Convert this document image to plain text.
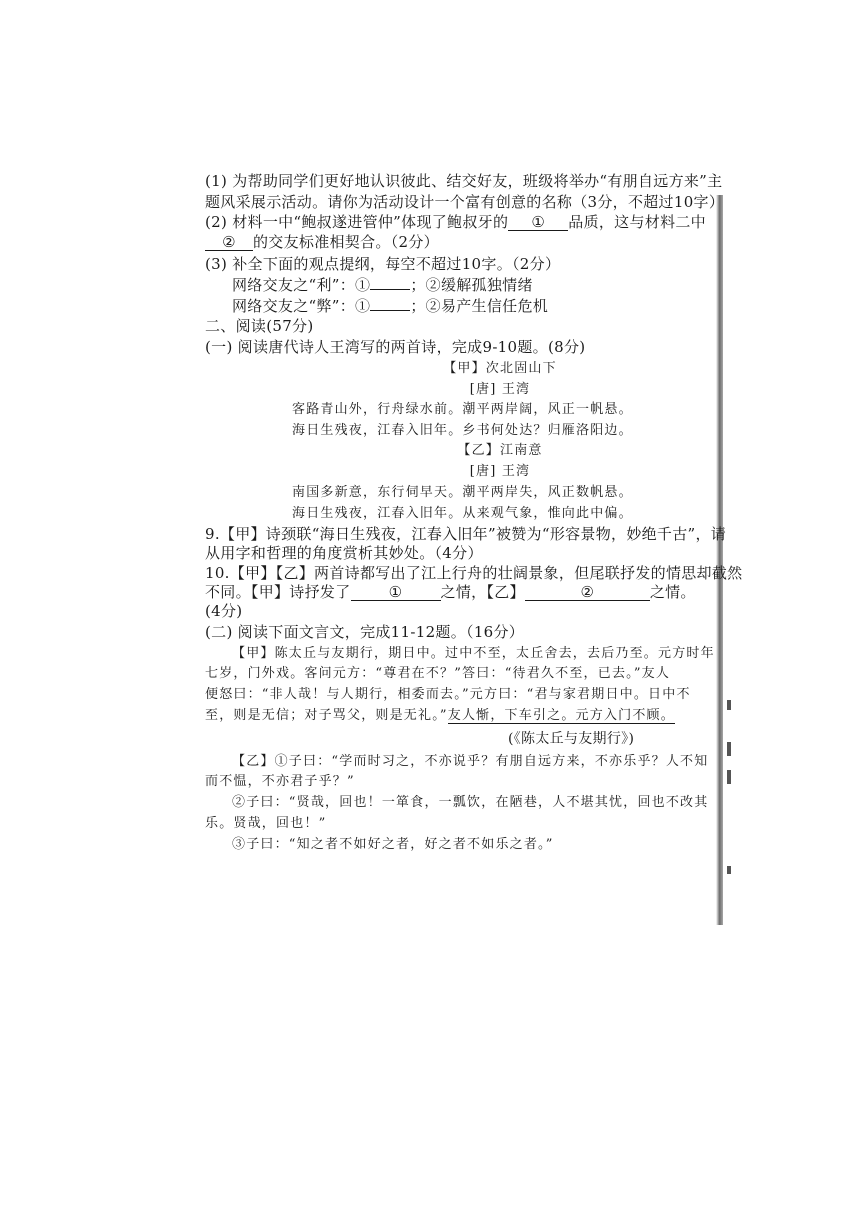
(1) 为帮助同学们更好地认识彼此、结交好友，班级将举办“有朋自远方来”主
题风采展示活动。请你为活动设计一个富有创意的名称（3分，不超过10字）
(2) 材料一中“鲍叔遂进管仲”体现了鲍叔牙的 ① 品质，这与材料二中
② 的交友标准相契合。（2分）
(3) 补全下面的观点提纲，每空不超过10字。（2分）
网络交友之“利”：①	；②缓解孤独情绪
网络交友之“弊”：①	；②易产生信任危机
二、阅读(57分)
(一) 阅读唐代诗人王湾写的两首诗，完成9-10题。(8分)
【甲】次北固山下
[唐] 王湾
客路青山外，行舟绿水前。潮平两岸阔，风正一帆悬。
海日生残夜，江春入旧年。乡书何处达？归雁洛阳边。
【乙】江南意
[唐] 王湾
南国多新意，东行伺早天。潮平两岸失，风正数帆悬。
海日生残夜，江春入旧年。从来观气象，惟向此中偏。
9.【甲】诗颈联“海日生残夜，江春入旧年”被赞为“形容景物，妙绝千古”，请
从用字和哲理的角度赏析其妙处。（4分）
10.【甲】【乙】两首诗都写出了江上行舟的壮阔景象，但尾联抒发的情思却截然
不同。【甲】诗抒发了	①	之情，【乙】	②	之情。
(4分)
(二) 阅读下面文言文，完成11-12题。（16分）
【甲】陈太丘与友期行，期日中。过中不至，太丘舍去，去后乃至。元方时年
七岁，门外戏。客问元方：“尊君在不？”答曰：“待君久不至，已去。”友人
便怒曰：“非人哉！与人期行，相委而去。”元方曰：“君与家君期日中。日中不
至，则是无信；对子骂父，则是无礼。”友人惭，下车引之。元方入门不顾。
(《陈太丘与友期行》)
【乙】①子曰：“学而时习之，不亦说乎？有朋自远方来，不亦乐乎？人不知
而不愠，不亦君子乎？”
②子曰：“贤哉，回也！一箪食，一瓢饮，在陋巷，人不堪其忧，回也不改其
乐。贤哉，回也！”
③子曰：“知之者不如好之者，好之者不如乐之者。”
